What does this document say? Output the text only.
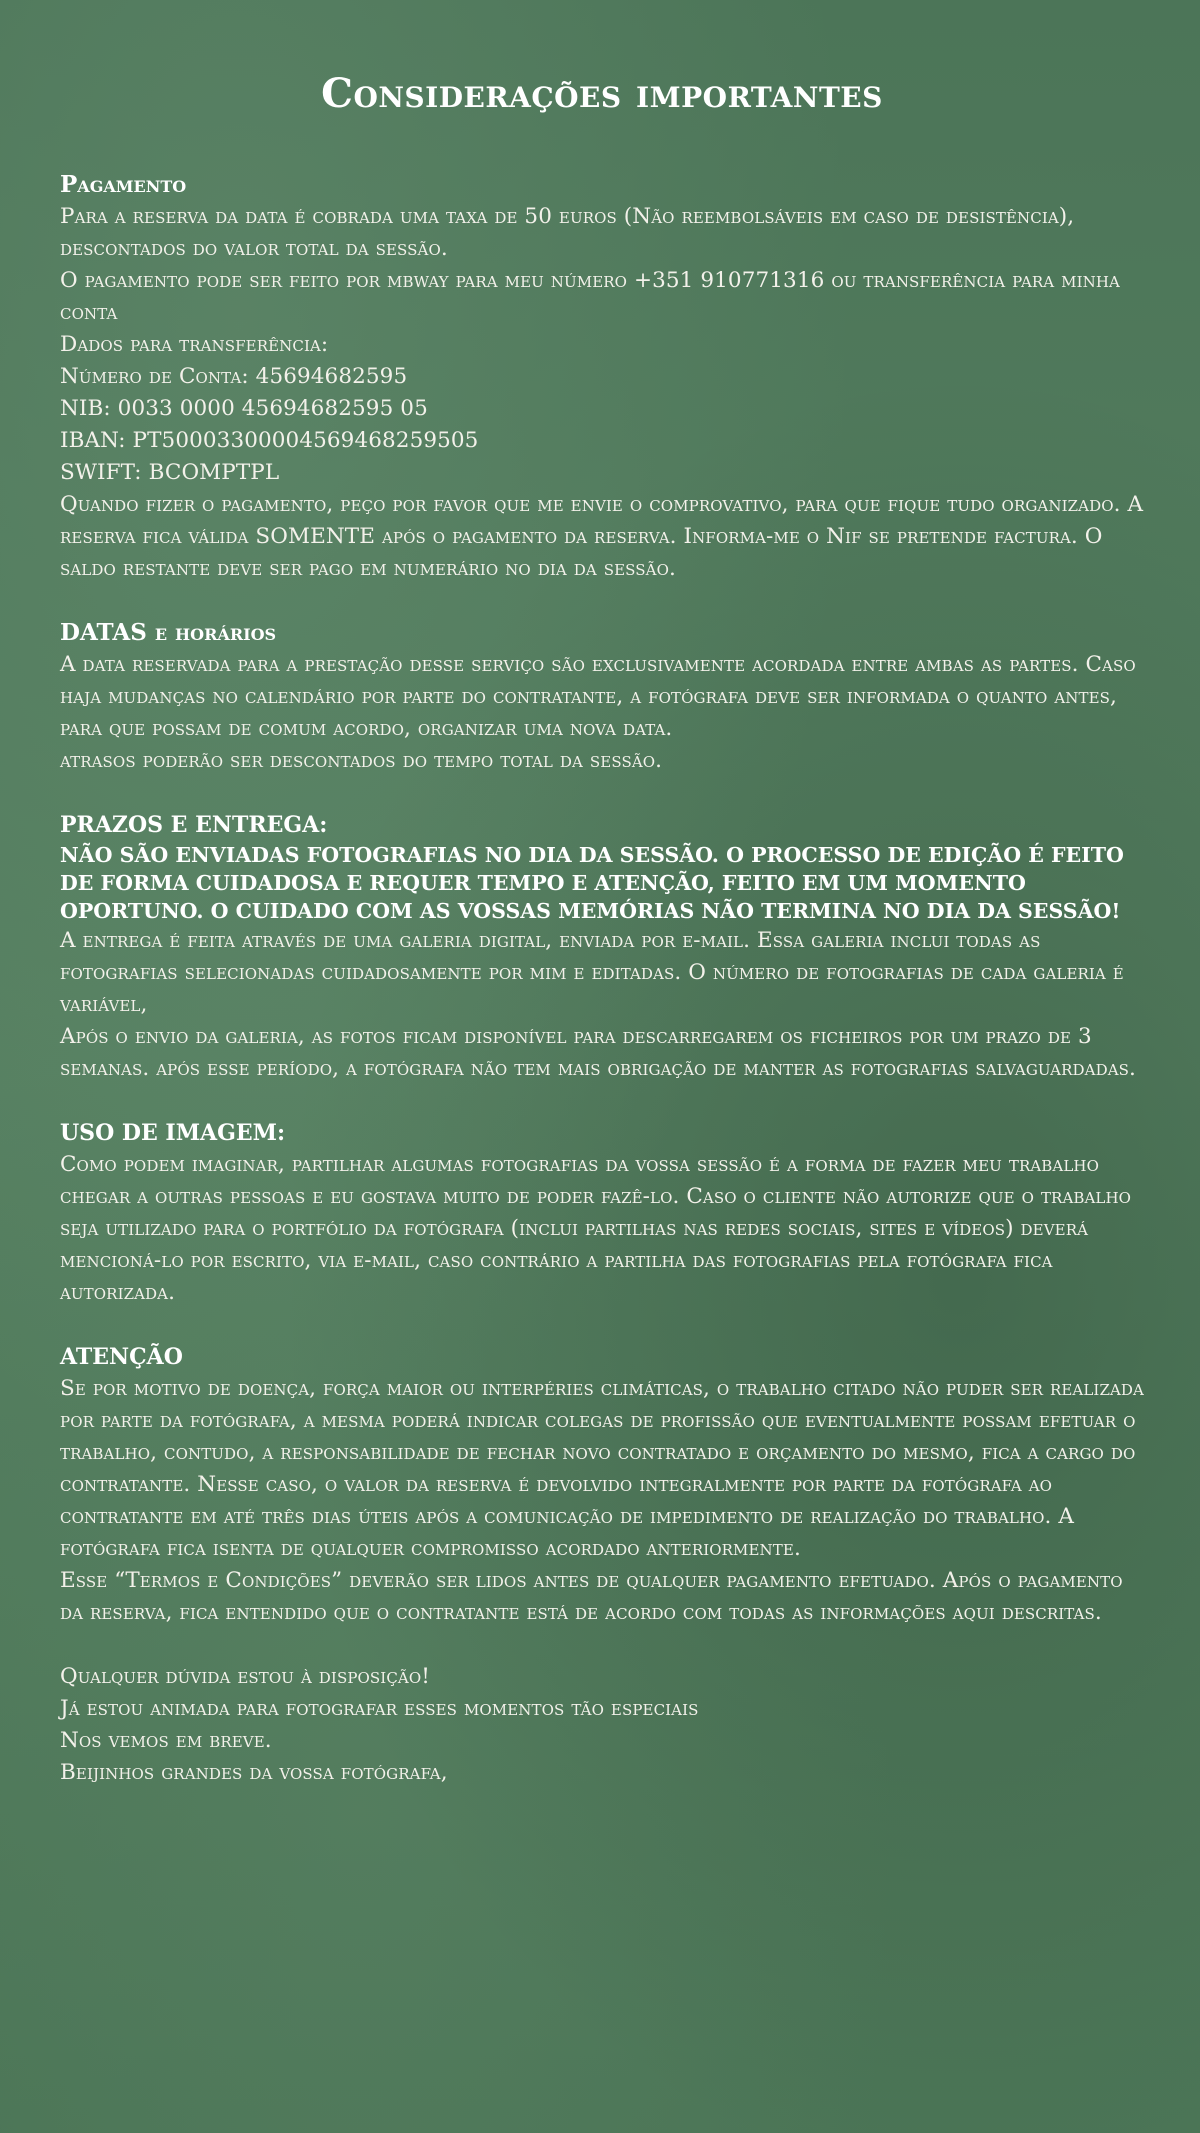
Considerações importantes
Pagamento
Para a reserva da data é cobrada uma taxa de 50 euros (Não reembolsáveis em caso de desistência), descontados do valor total da sessão.
O pagamento pode ser feito por mbway para meu número +351 910771316 ou transferência para minha conta
Dados para transferência:
Número de Conta: 45694682595
NIB: 0033 0000 45694682595 05
IBAN: PT50003300004569468259505
SWIFT: BCOMPTPL
Quando fizer o pagamento, peço por favor que me envie o comprovativo, para que fique tudo organizado. A reserva fica válida SOMENTE após o pagamento da reserva. Informa-me o Nif se pretende factura. O saldo restante deve ser pago em numerário no dia da sessão.
DATAS e horários
A data reservada para a prestação desse serviço são exclusivamente acordada entre ambas as partes. Caso haja mudanças no calendário por parte do contratante, a fotógrafa deve ser informada o quanto antes, para que possam de comum acordo, organizar uma nova data.
atrasos poderão ser descontados do tempo total da sessão.
PRAZOS E ENTREGA:
NÃO SÃO ENVIADAS FOTOGRAFIAS NO DIA DA SESSÃO. O PROCESSO DE EDIÇÃO É FEITO DE FORMA CUIDADOSA E REQUER TEMPO E ATENÇÃO, FEITO EM UM MOMENTO OPORTUNO. O CUIDADO COM AS VOSSAS MEMÓRIAS NÃO TERMINA NO DIA DA SESSÃO!
A entrega é feita através de uma galeria digital, enviada por e-mail. Essa galeria inclui todas as fotografias selecionadas cuidadosamente por mim e editadas. O número de fotografias de cada galeria é variável,
Após o envio da galeria, as fotos ficam disponível para descarregarem os ficheiros por um prazo de 3 semanas. após esse período, a fotógrafa não tem mais obrigação de manter as fotografias salvaguardadas.
USO DE IMAGEM:
Como podem imaginar, partilhar algumas fotografias da vossa sessão é a forma de fazer meu trabalho chegar a outras pessoas e eu gostava muito de poder fazê-lo. Caso o cliente não autorize que o trabalho seja utilizado para o portfólio da fotógrafa (inclui partilhas nas redes sociais, sites e vídeos) deverá mencioná-lo por escrito, via e-mail, caso contrário a partilha das fotografias pela fotógrafa fica autorizada.
ATENÇÃO
Se por motivo de doença, força maior ou interpéries climáticas, o trabalho citado não puder ser realizada por parte da fotógrafa, a mesma poderá indicar colegas de profissão que eventualmente possam efetuar o trabalho, contudo, a responsabilidade de fechar novo contratado e orçamento do mesmo, fica a cargo do contratante. Nesse caso, o valor da reserva é devolvido integralmente por parte da fotógrafa ao contratante em até três dias úteis após a comunicação de impedimento de realização do trabalho. A fotógrafa fica isenta de qualquer compromisso acordado anteriormente.
Esse “Termos e Condições” deverão ser lidos antes de qualquer pagamento efetuado. Após o pagamento da reserva, fica entendido que o contratante está de acordo com todas as informações aqui descritas.
Qualquer dúvida estou à disposição!
Já estou animada para fotografar esses momentos tão especiais
Nos vemos em breve.
Beijinhos grandes da vossa fotógrafa,
